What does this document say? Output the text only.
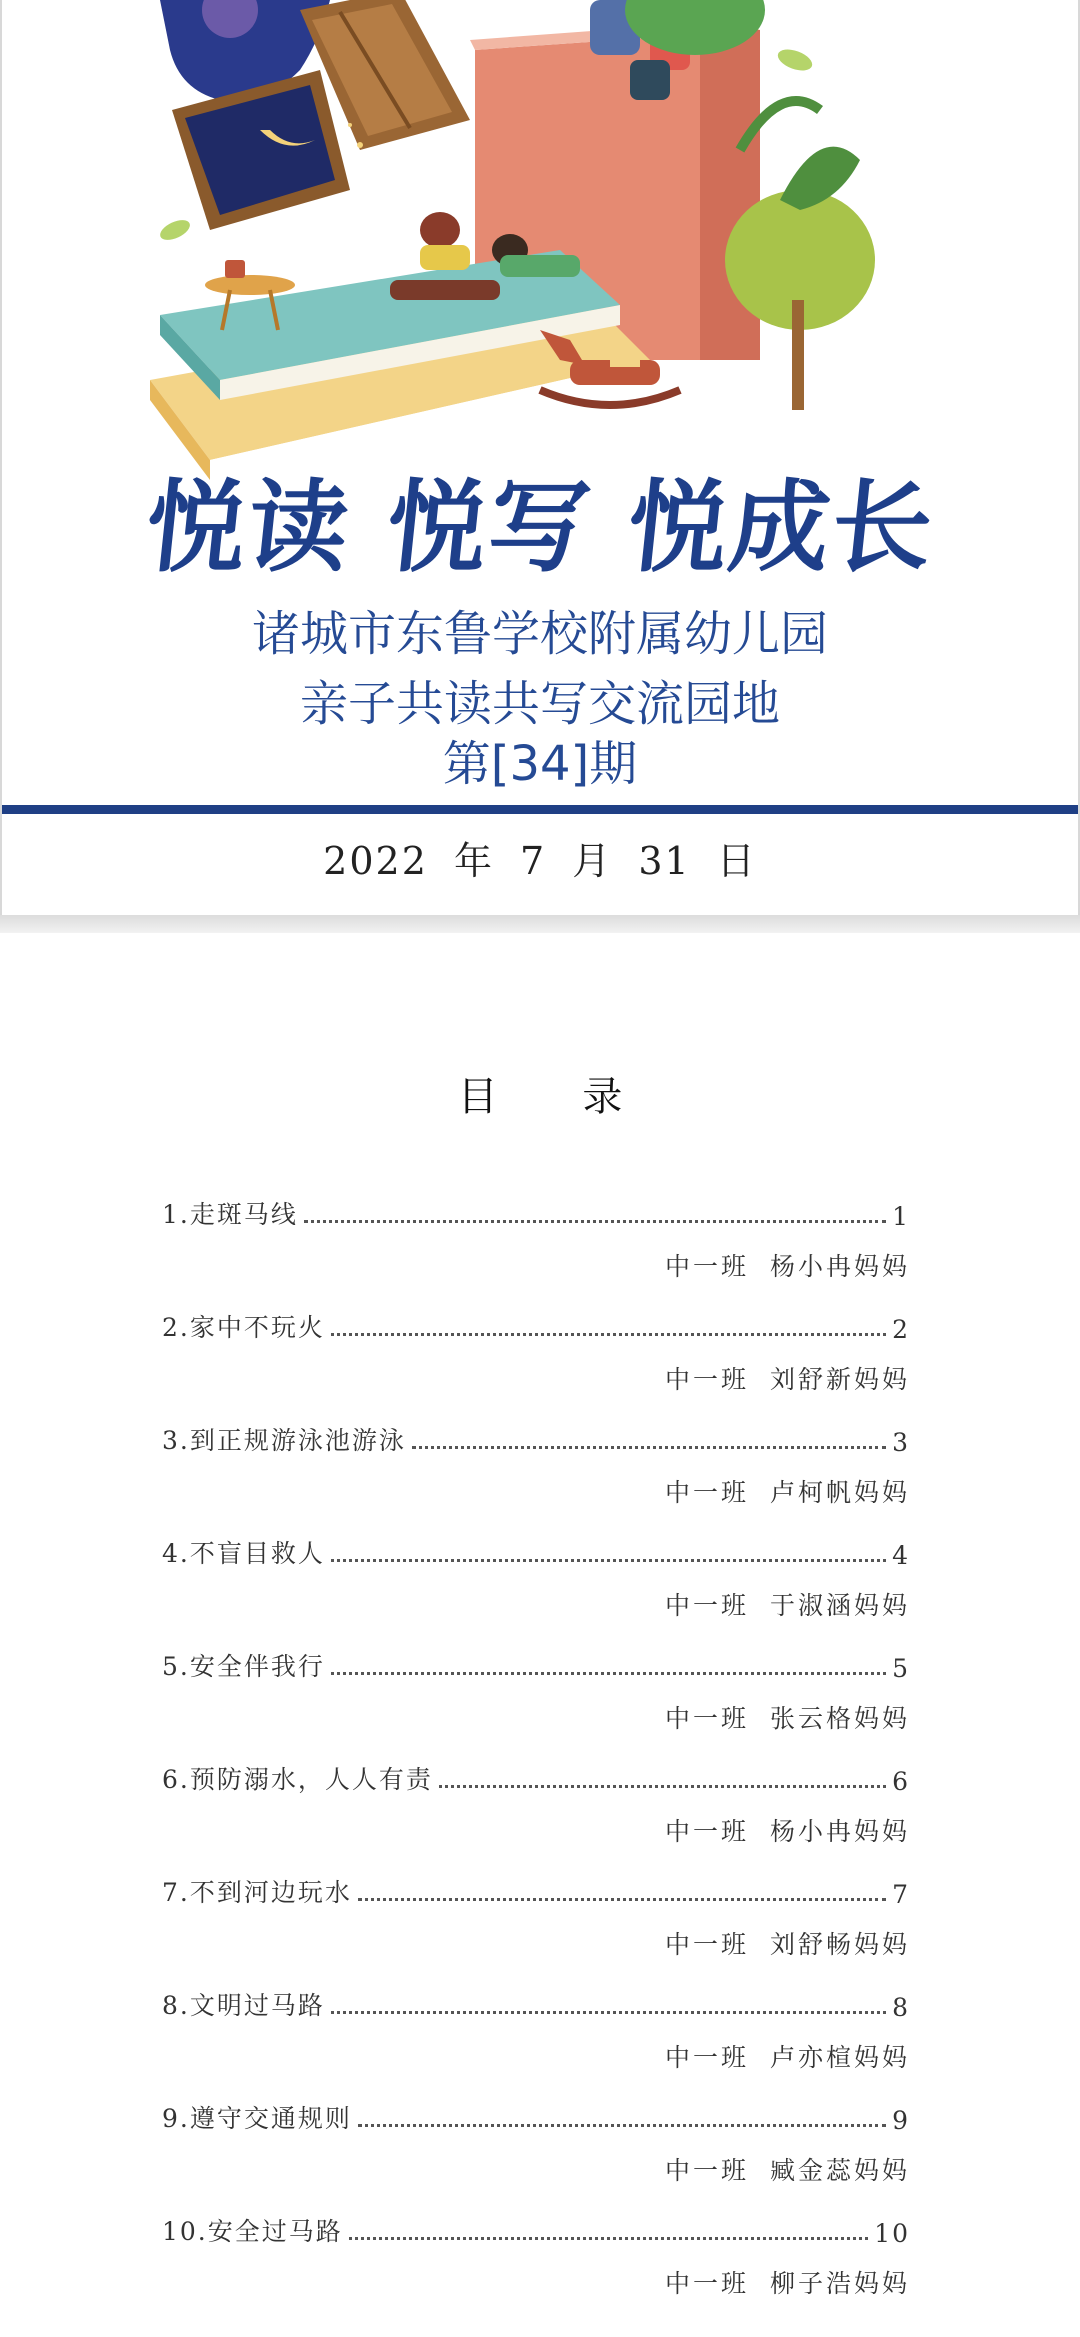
悦读 悦写 悦成长
诸城市东鲁学校附属幼儿园
亲子共读共写交流园地
第[34]期
2022 年 7 月 31 日
目 录
1.走斑马线	1
中一班 杨小冉妈妈
2.家中不玩火	2
中一班 刘舒新妈妈
3.到正规游泳池游泳	3
中一班 卢柯帆妈妈
4.不盲目救人	4
中一班 于淑涵妈妈
5.安全伴我行	5
中一班 张云格妈妈
6.预防溺水，人人有责	6
中一班 杨小冉妈妈
7.不到河边玩水	7
中一班 刘舒畅妈妈
8.文明过马路	8
中一班 卢亦楦妈妈
9.遵守交通规则	9
中一班 臧金蕊妈妈
10.安全过马路	10
中一班 柳子浩妈妈
